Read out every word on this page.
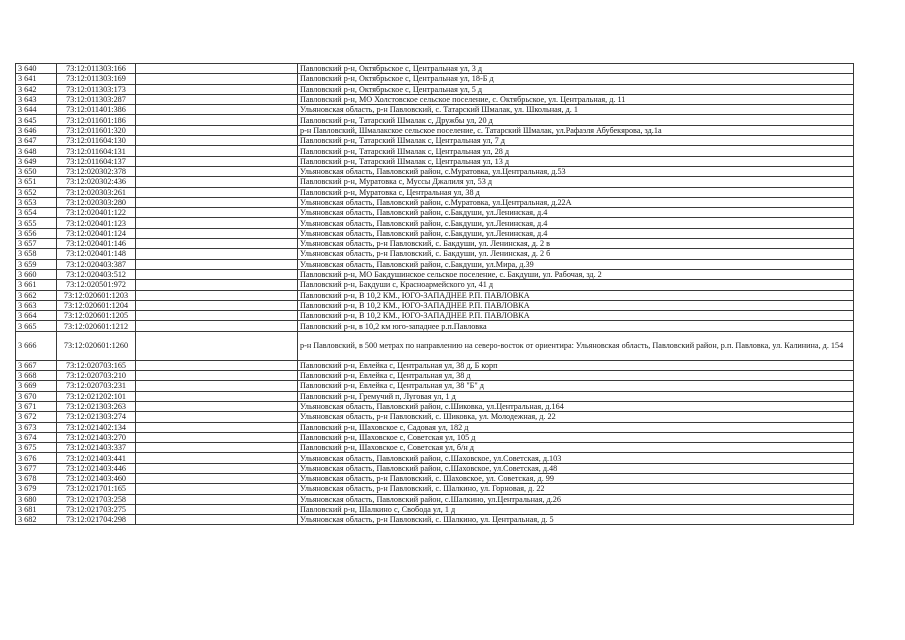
3 640	73:12:011303:166		Павловский р-н, Октябрьское с, Центральная ул, 3 д
3 641	73:12:011303:169		Павловский р-н, Октябрьское с, Центральная ул, 18-Б д
3 642	73:12:011303:173		Павловский р-н, Октябрьское с, Центральная ул, 5 д
3 643	73:12:011303:287		Павловский р-н, МО Холстовское сельское поселение, с. Октябрьское, ул. Центральная, д. 11
3 644	73:12:011401:386		Ульяновская область, р-н Павловский, с. Татарский Шмалак, ул. Школьная, д. 1
3 645	73:12:011601:186		Павловский р-н, Татарский Шмалак с, Дружбы ул, 20 д
3 646	73:12:011601:320		р-н Павловский, Шмалакское сельское поселение, с. Татарский Шмалак, ул.Рафаэля Абубекярова, зд.1а
3 647	73:12:011604:130		Павловский р-н, Татарский Шмалак с, Центральная ул, 7 д
3 648	73:12:011604:131		Павловский р-н, Татарский Шмалак с, Центральная ул, 28 д
3 649	73:12:011604:137		Павловский р-н, Татарский Шмалак с, Центральная ул, 13 д
3 650	73:12:020302:378		Ульяновская область, Павловский район, с.Муратовка, ул.Центральная, д.53
3 651	73:12:020302:436		Павловский р-н, Муратовка с, Муссы Джалиля ул, 53 д
3 652	73:12:020303:261		Павловский р-н, Муратовка с, Центральная ул, 38 д
3 653	73:12:020303:280		Ульяновская область, Павловский район, с.Муратовка, ул.Центральная, д.22А
3 654	73:12:020401:122		Ульяновская область, Павловский район, с.Бакдуши, ул.Ленинская, д.4
3 655	73:12:020401:123		Ульяновская область, Павловский район, с.Бакдуши, ул.Ленинская, д.4
3 656	73:12:020401:124		Ульяновская область, Павловский район, с.Бакдуши, ул.Ленинская, д.4
3 657	73:12:020401:146		Ульяновская область, р-н Павловский, с. Бакдуши, ул. Ленинская, д. 2 в
3 658	73:12:020401:148		Ульяновская область, р-н Павловский, с. Бакдуши, ул. Ленинская, д. 2 б
3 659	73:12:020403:387		Ульяновская область, Павловский район, с.Бакдуши, ул.Мира, д.39
3 660	73:12:020403:512		Павловский р-н, МО Бакдушинское сельское поселение, с. Бакдуши, ул. Рабочая, зд. 2
3 661	73:12:020501:972		Павловский р-н, Бакдуши с, Красноармейского ул, 41 д
3 662	73:12:020601:1203		Павловский р-н, В 10,2 КМ., ЮГО-ЗАПАДНЕЕ Р.П. ПАВЛОВКА
3 663	73:12:020601:1204		Павловский р-н, В 10,2 КМ., ЮГО-ЗАПАДНЕЕ Р.П. ПАВЛОВКА
3 664	73:12:020601:1205		Павловский р-н, В 10,2 КМ., ЮГО-ЗАПАДНЕЕ Р.П. ПАВЛОВКА
3 665	73:12:020601:1212		Павловский р-н, в 10,2 км юго-западнее р.п.Павловка
3 666	73:12:020601:1260		р-н Павловский, в 500 метрах по направлению на северо-восток от ориентира: Ульяновская область, Павловский район, р.п. Павловка, ул. Калинина, д. 154
3 667	73:12:020703:165		Павловский р-н, Евлейка с, Центральная ул, 38 д, Б корп
3 668	73:12:020703:210		Павловский р-н, Евлейка с, Центральная ул, 38 д
3 669	73:12:020703:231		Павловский р-н, Евлейка с, Центральная ул, 38 "Б" д
3 670	73:12:021202:101		Павловский р-н, Гремучий п, Луговая ул, 1 д
3 671	73:12:021303:263		Ульяновская область, Павловский район, с.Шиковка, ул.Центральная, д.164
3 672	73:12:021303:274		Ульяновская область, р-н Павловский, с. Шиковка, ул. Молодежная, д. 22
3 673	73:12:021402:134		Павловский р-н, Шаховское с, Садовая ул, 182 д
3 674	73:12:021403:270		Павловский р-н, Шаховское с, Советская ул, 105 д
3 675	73:12:021403:337		Павловский р-н, Шаховское с, Советская ул, б/н д
3 676	73:12:021403:441		Ульяновская область, Павловский район, с.Шаховское, ул.Советская, д.103
3 677	73:12:021403:446		Ульяновская область, Павловский район, с.Шаховское, ул.Советская, д.48
3 678	73:12:021403:460		Ульяновская область, р-н Павловский, с. Шаховское, ул. Советская, д. 99
3 679	73:12:021701:165		Ульяновская область, р-н Павловский, с. Шалкино, ул. Горновая, д. 22
3 680	73:12:021703:258		Ульяновская область, Павловский район, с.Шалкино, ул.Центральная, д.26
3 681	73:12:021703:275		Павловский р-н, Шалкино с, Свобода ул, 1 д
3 682	73:12:021704:298		Ульяновская область, р-н Павловский, с. Шалкино, ул. Центральная, д. 5
